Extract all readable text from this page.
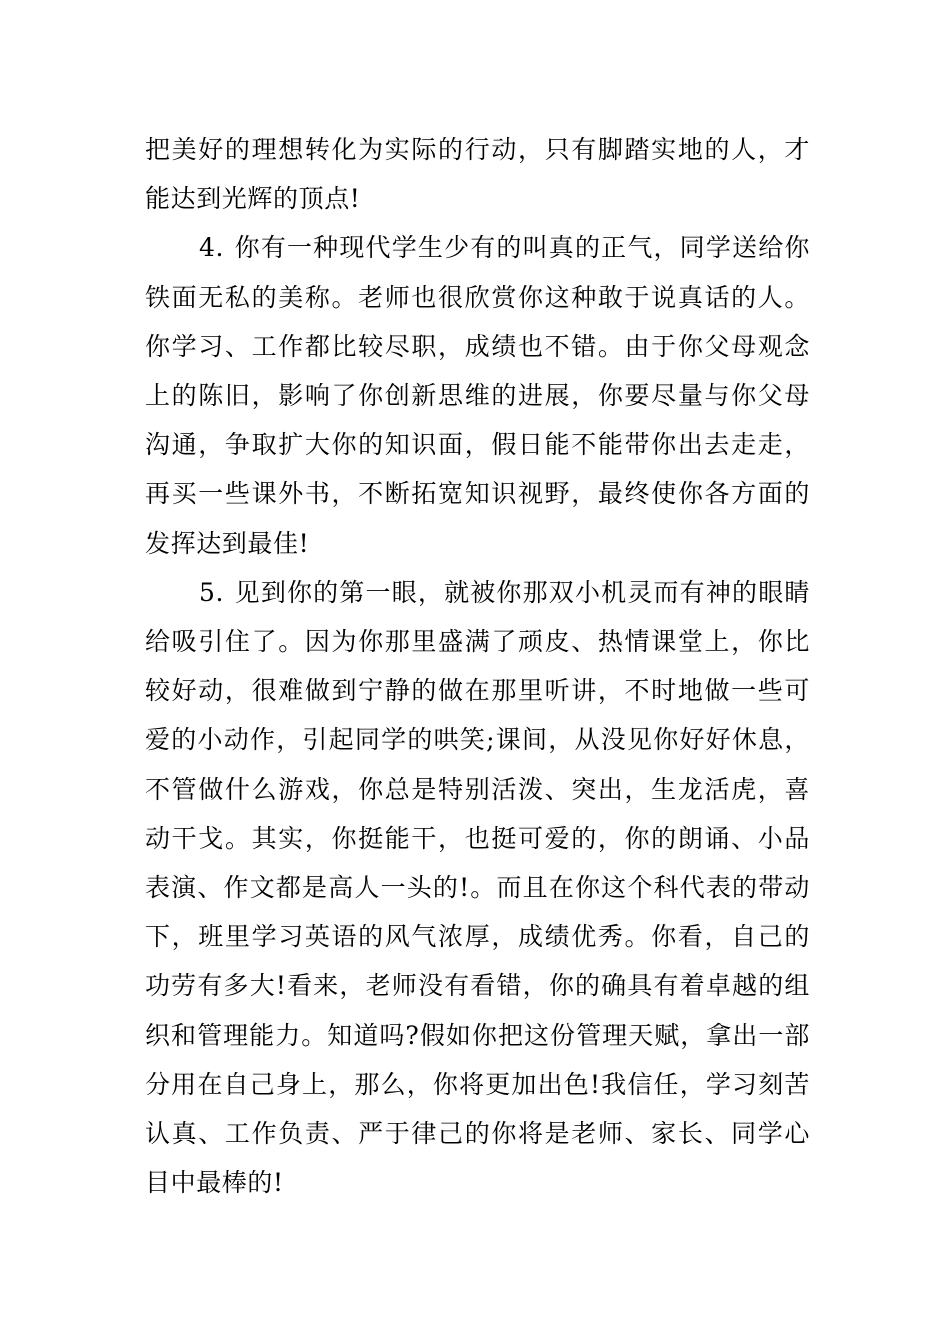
把美好的理想转化为实际的行动，只有脚踏实地的人，才能达到光辉的顶点!

4. 你有一种现代学生少有的叫真的正气，同学送给你铁面无私的美称。老师也很欣赏你这种敢于说真话的人。你学习、工作都比较尽职，成绩也不错。由于你父母观念上的陈旧，影响了你创新思维的进展，你要尽量与你父母沟通，争取扩大你的知识面，假日能不能带你出去走走，再买一些课外书，不断拓宽知识视野，最终使你各方面的发挥达到最佳!

5. 见到你的第一眼，就被你那双小机灵而有神的眼睛给吸引住了。因为你那里盛满了顽皮、热情课堂上，你比较好动，很难做到宁静的做在那里听讲，不时地做一些可爱的小动作，引起同学的哄笑;课间，从没见你好好休息，不管做什么游戏，你总是特别活泼、突出，生龙活虎，喜动干戈。其实，你挺能干，也挺可爱的，你的朗诵、小品表演、作文都是高人一头的!。而且在你这个科代表的带动下，班里学习英语的风气浓厚，成绩优秀。你看，自己的功劳有多大!看来，老师没有看错，你的确具有着卓越的组织和管理能力。知道吗?假如你把这份管理天赋，拿出一部分用在自己身上，那么，你将更加出色!我信任，学习刻苦认真、工作负责、严于律己的你将是老师、家长、同学心目中最棒的!
